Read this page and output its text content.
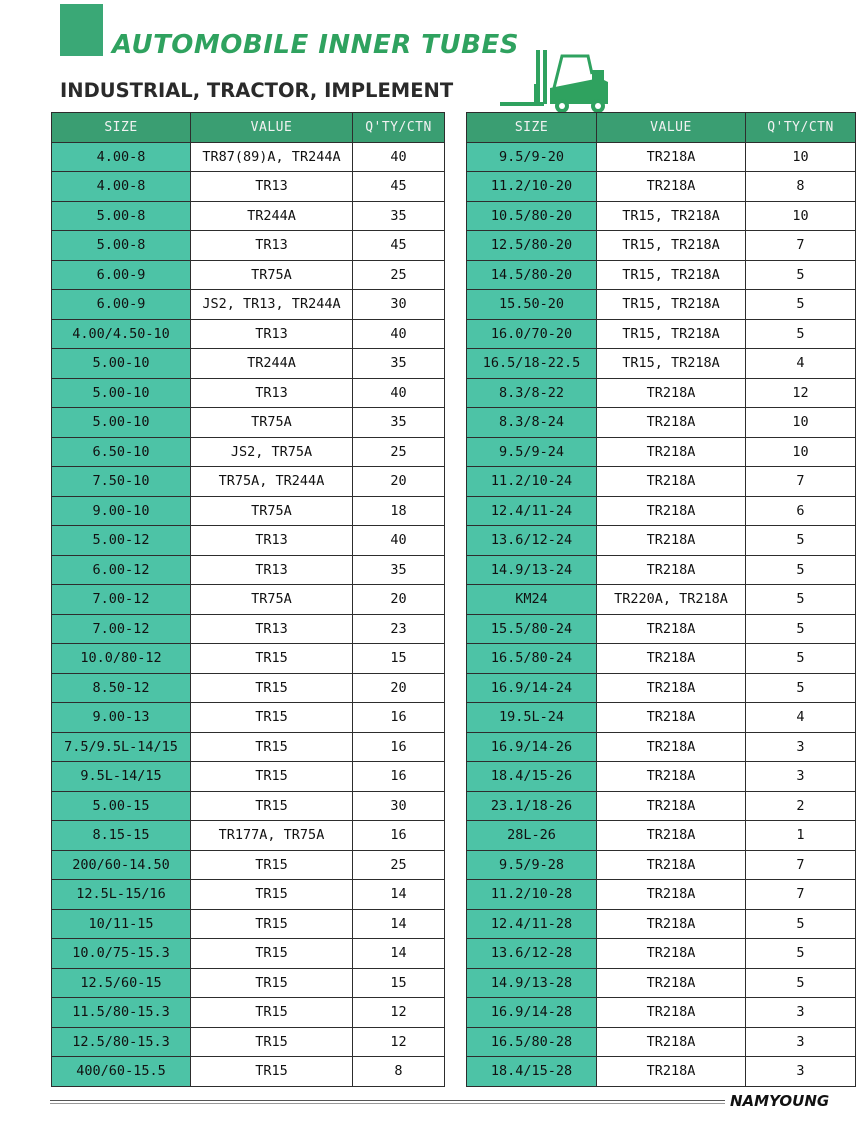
AUTOMOBILE INNER TUBES
INDUSTRIAL, TRACTOR, IMPLEMENT
SIZE	VALUE	Q'TY/CTN
4.00-8	TR87(89)A, TR244A	40
4.00-8	TR13	45
5.00-8	TR244A	35
5.00-8	TR13	45
6.00-9	TR75A	25
6.00-9	JS2, TR13, TR244A	30
4.00/4.50-10	TR13	40
5.00-10	TR244A	35
5.00-10	TR13	40
5.00-10	TR75A	35
6.50-10	JS2, TR75A	25
7.50-10	TR75A, TR244A	20
9.00-10	TR75A	18
5.00-12	TR13	40
6.00-12	TR13	35
7.00-12	TR75A	20
7.00-12	TR13	23
10.0/80-12	TR15	15
8.50-12	TR15	20
9.00-13	TR15	16
7.5/9.5L-14/15	TR15	16
9.5L-14/15	TR15	16
5.00-15	TR15	30
8.15-15	TR177A, TR75A	16
200/60-14.50	TR15	25
12.5L-15/16	TR15	14
10/11-15	TR15	14
10.0/75-15.3	TR15	14
12.5/60-15	TR15	15
11.5/80-15.3	TR15	12
12.5/80-15.3	TR15	12
400/60-15.5	TR15	8
SIZE	VALUE	Q'TY/CTN
9.5/9-20	TR218A	10
11.2/10-20	TR218A	8
10.5/80-20	TR15, TR218A	10
12.5/80-20	TR15, TR218A	7
14.5/80-20	TR15, TR218A	5
15.50-20	TR15, TR218A	5
16.0/70-20	TR15, TR218A	5
16.5/18-22.5	TR15, TR218A	4
8.3/8-22	TR218A	12
8.3/8-24	TR218A	10
9.5/9-24	TR218A	10
11.2/10-24	TR218A	7
12.4/11-24	TR218A	6
13.6/12-24	TR218A	5
14.9/13-24	TR218A	5
KM24	TR220A, TR218A	5
15.5/80-24	TR218A	5
16.5/80-24	TR218A	5
16.9/14-24	TR218A	5
19.5L-24	TR218A	4
16.9/14-26	TR218A	3
18.4/15-26	TR218A	3
23.1/18-26	TR218A	2
28L-26	TR218A	1
9.5/9-28	TR218A	7
11.2/10-28	TR218A	7
12.4/11-28	TR218A	5
13.6/12-28	TR218A	5
14.9/13-28	TR218A	5
16.9/14-28	TR218A	3
16.5/80-28	TR218A	3
18.4/15-28	TR218A	3

NAMYOUNG
